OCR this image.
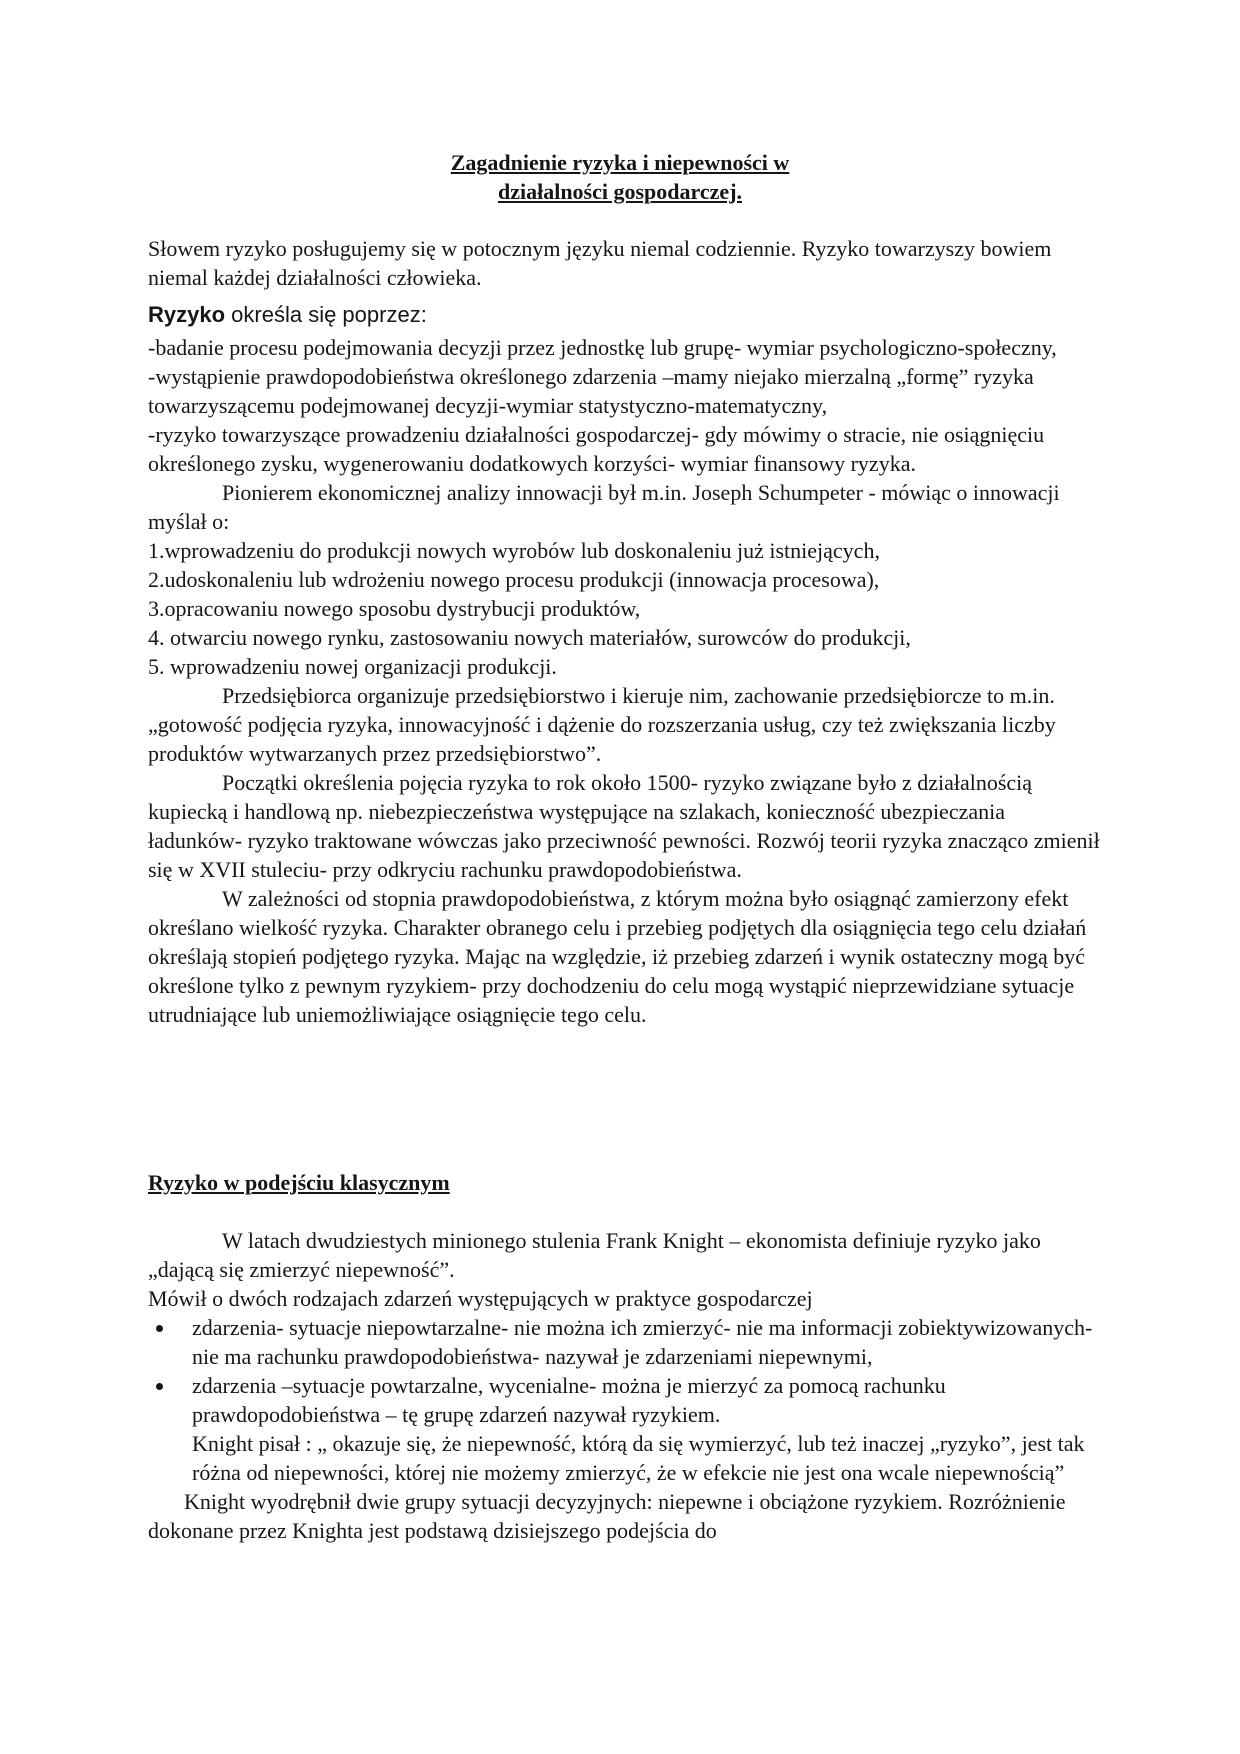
Zagadnienie ryzyka i niepewności w
działalności gospodarczej.

Słowem ryzyko posługujemy się w potocznym języku niemal codziennie. Ryzyko towarzyszy bowiem niemal każdej działalności człowieka.

Ryzyko określa się poprzez:

-badanie procesu podejmowania decyzji przez jednostkę lub grupę- wymiar psychologiczno-społeczny,

-wystąpienie prawdopodobieństwa określonego zdarzenia –mamy niejako mierzalną „formę” ryzyka towarzyszącemu podejmowanej decyzji-wymiar statystyczno-matematyczny,

-ryzyko towarzyszące prowadzeniu działalności gospodarczej- gdy mówimy o stracie, nie osiągnięciu określonego zysku, wygenerowaniu dodatkowych korzyści- wymiar finansowy ryzyka.

Pionierem ekonomicznej analizy innowacji był m.in. Joseph Schumpeter - mówiąc o innowacji myślał o:

1.wprowadzeniu do produkcji nowych wyrobów lub doskonaleniu już istniejących,

2.udoskonaleniu lub wdrożeniu nowego procesu produkcji (innowacja procesowa),

3.opracowaniu nowego sposobu dystrybucji produktów,

4. otwarciu nowego rynku, zastosowaniu nowych materiałów, surowców do produkcji,

5. wprowadzeniu nowej organizacji produkcji.

Przedsiębiorca organizuje przedsiębiorstwo i kieruje nim, zachowanie przedsiębiorcze to m.in. „gotowość podjęcia ryzyka, innowacyjność i dążenie do rozszerzania usług, czy też zwiększania liczby produktów wytwarzanych przez przedsiębiorstwo”.

Początki określenia pojęcia ryzyka to rok około 1500- ryzyko związane było z działalnością kupiecką i handlową np. niebezpieczeństwa występujące na szlakach, konieczność ubezpieczania ładunków- ryzyko traktowane wówczas jako przeciwność pewności. Rozwój teorii ryzyka znacząco zmienił się w XVII stuleciu- przy odkryciu rachunku prawdopodobieństwa.

W zależności od stopnia prawdopodobieństwa, z którym można było osiągnąć zamierzony efekt określano wielkość ryzyka. Charakter obranego celu i przebieg podjętych dla osiągnięcia tego celu działań określają stopień podjętego ryzyka. Mając na względzie, iż przebieg zdarzeń i wynik ostateczny mogą być określone tylko z pewnym ryzykiem- przy dochodzeniu do celu mogą wystąpić nieprzewidziane sytuacje utrudniające lub uniemożliwiające osiągnięcie tego celu.

Ryzyko w podejściu klasycznym

W latach dwudziestych minionego stulenia Frank Knight – ekonomista definiuje ryzyko jako „dającą się zmierzyć niepewność”.

Mówił o dwóch rodzajach zdarzeń występujących w praktyce gospodarczej

zdarzenia- sytuacje niepowtarzalne- nie można ich zmierzyć- nie ma informacji zobiektywizowanych-nie ma rachunku prawdopodobieństwa- nazywał je zdarzeniami niepewnymi,
zdarzenia –sytuacje powtarzalne, wycenialne- można je mierzyć za pomocą rachunku prawdopodobieństwa – tę grupę zdarzeń nazywał ryzykiem.

Knight pisał : „ okazuje się, że niepewność, którą da się wymierzyć, lub też inaczej „ryzyko”, jest tak różna od niepewności, której nie możemy zmierzyć, że w efekcie nie jest ona wcale niepewnością”

Knight wyodrębnił dwie grupy sytuacji decyzyjnych: niepewne i obciążone ryzykiem. Rozróżnienie dokonane przez Knighta jest podstawą dzisiejszego podejścia do
